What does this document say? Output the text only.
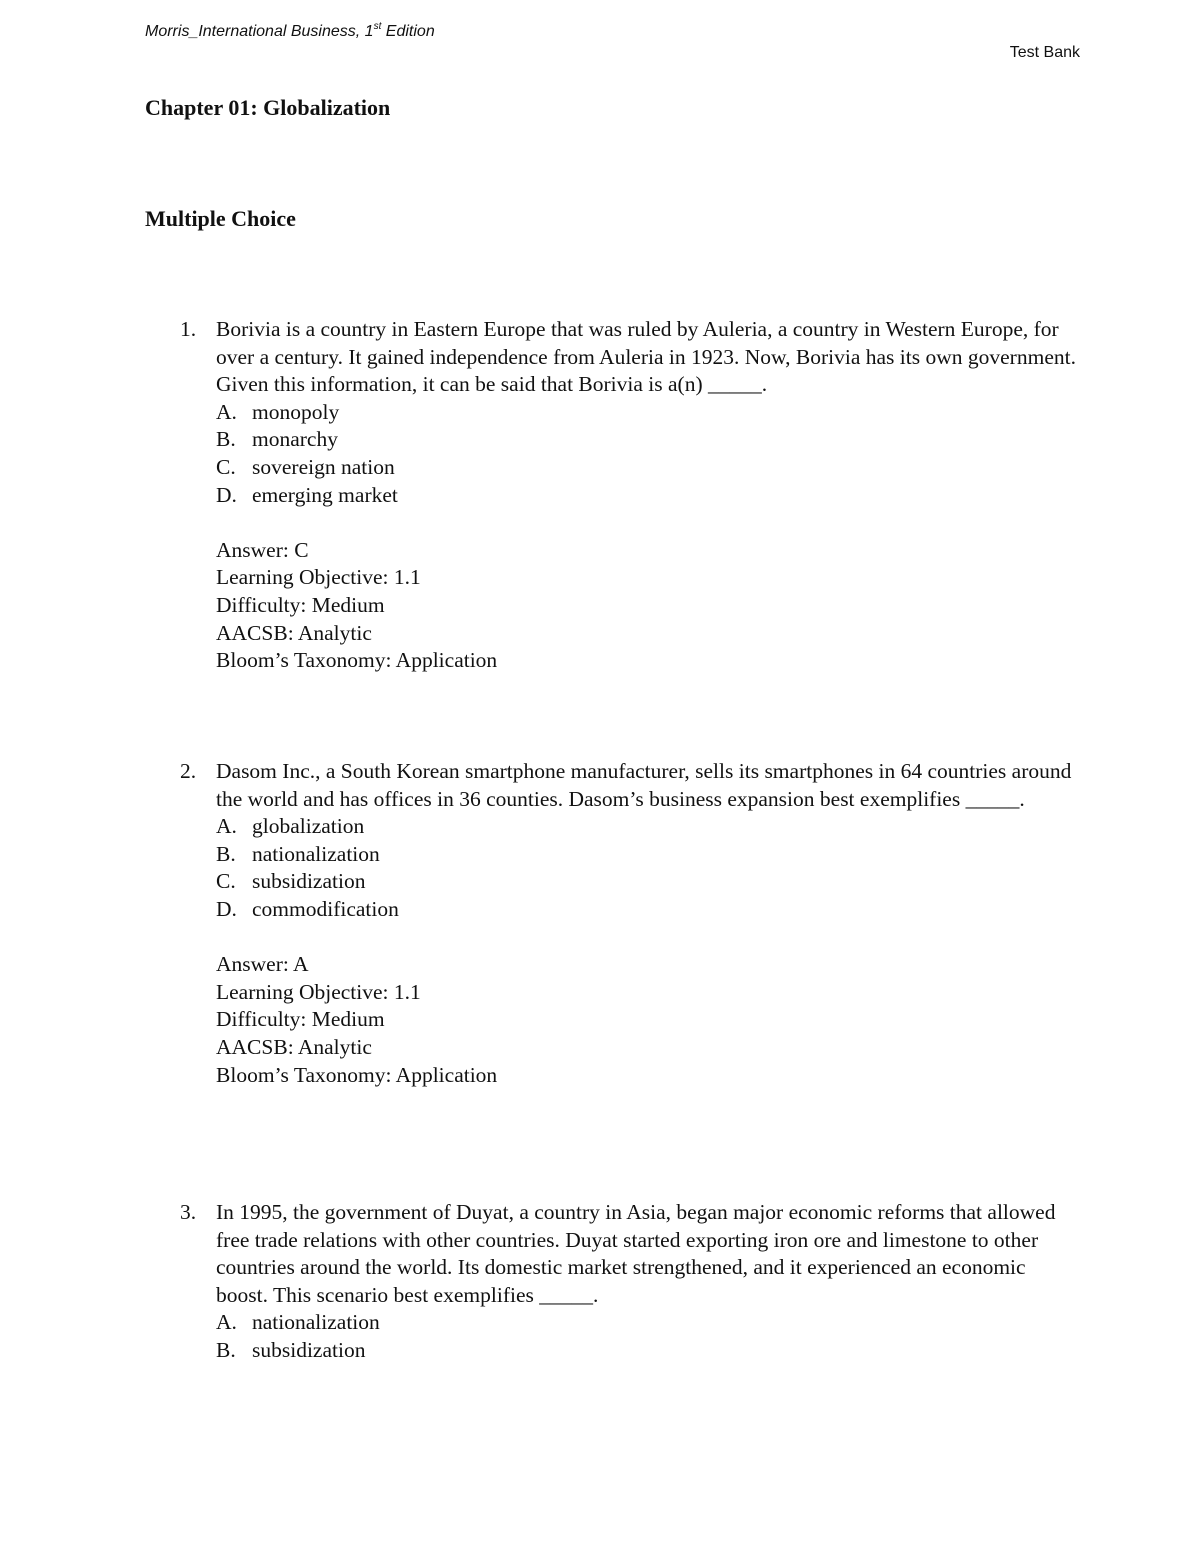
Morris_International Business, 1st Edition
Test Bank
Chapter 01: Globalization
Multiple Choice
1. Borivia is a country in Eastern Europe that was ruled by Auleria, a country in Western Europe, for over a century. It gained independence from Auleria in 1923. Now, Borivia has its own government. Given this information, it can be said that Borivia is a(n) _____.

A. monopoly
B. monarchy
C. sovereign nation
D. emerging market
Answer: C
Learning Objective: 1.1
Difficulty: Medium
AACSB: Analytic
Bloom’s Taxonomy: Application
2. Dasom Inc., a South Korean smartphone manufacturer, sells its smartphones in 64 countries around the world and has offices in 36 counties. Dasom’s business expansion best exemplifies _____.

A. globalization
B. nationalization
C. subsidization
D. commodification
Answer: A
Learning Objective: 1.1
Difficulty: Medium
AACSB: Analytic
Bloom’s Taxonomy: Application
3. In 1995, the government of Duyat, a country in Asia, began major economic reforms that allowed free trade relations with other countries. Duyat started exporting iron ore and limestone to other countries around the world. Its domestic market strengthened, and it experienced an economic boost. This scenario best exemplifies _____.

A. nationalization
B. subsidization
